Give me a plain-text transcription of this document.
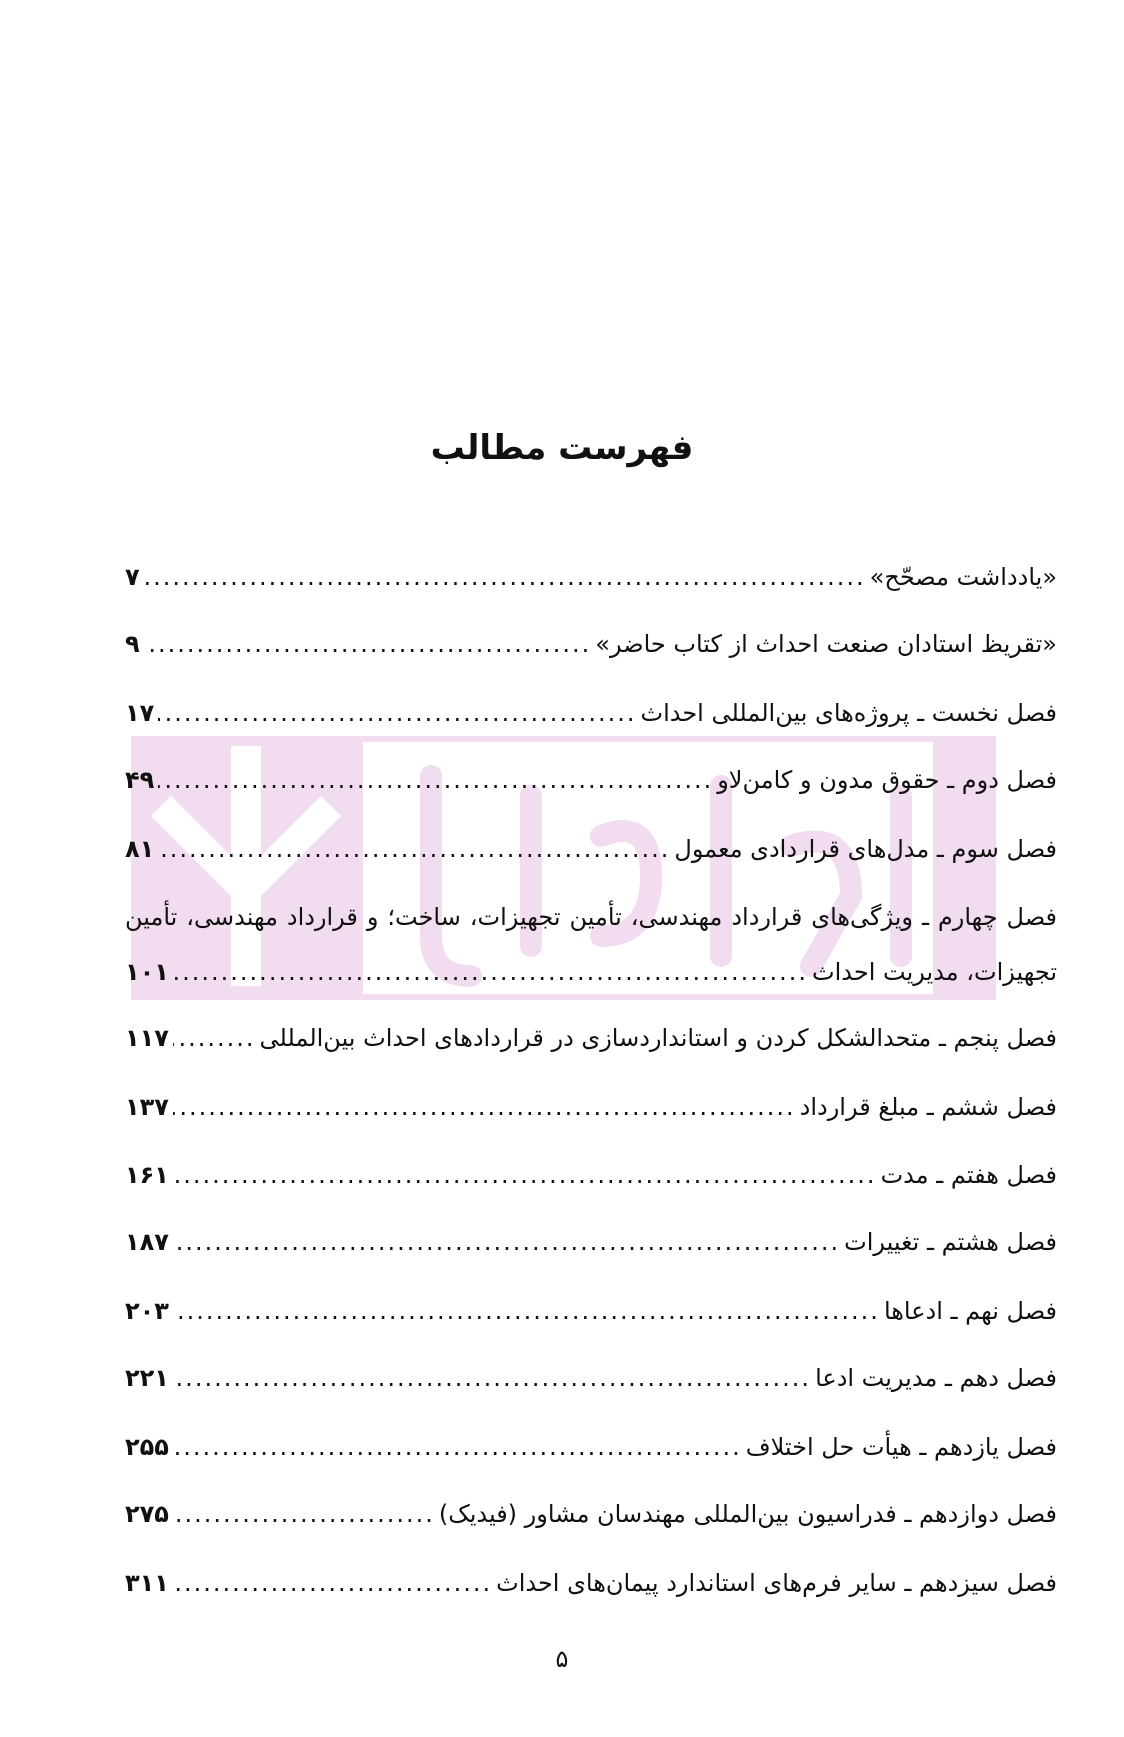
فهرست مطالب
«يادداشت مصحّح»
.....
۷
«تقريظ استادان صنعت احداث از کتاب حاضر»
.....
۹
فصل نخست ـ پروژه‌های بين‌المللی احداث
.....
۱۷
فصل دوم ـ حقوق مدون و کامن‌لاو
.....
۴۹
فصل سوم ـ مدل‌های قراردادی معمول
.....
۸۱
فصل چهارم ـ ويژگی‌های قرارداد مهندسی، تأمين تجهيزات، ساخت؛ و قرارداد مهندسی، تأمين
تجهيزات، مديريت احداث
.....
۱۰۱
فصل پنجم ـ متحدالشکل کردن و استانداردسازی در قراردادهای احداث بين‌المللی
.....
۱۱۷
فصل ششم ـ مبلغ قرارداد
.....
۱۳۷
فصل هفتم ـ مدت
.....
۱۶۱
فصل هشتم ـ تغييرات
.....
۱۸۷
فصل نهم ـ ادعاها
.....
۲۰۳
فصل دهم ـ مديريت ادعا
.....
۲۲۱
فصل يازدهم ـ هيأت حل اختلاف
.....
۲۵۵
فصل دوازدهم ـ فدراسيون بين‌المللی مهندسان مشاور (فيديک)
.....
۲۷۵
فصل سيزدهم ـ ساير فرم‌های استاندارد پيمان‌های احداث
.....
۳۱۱
۵
